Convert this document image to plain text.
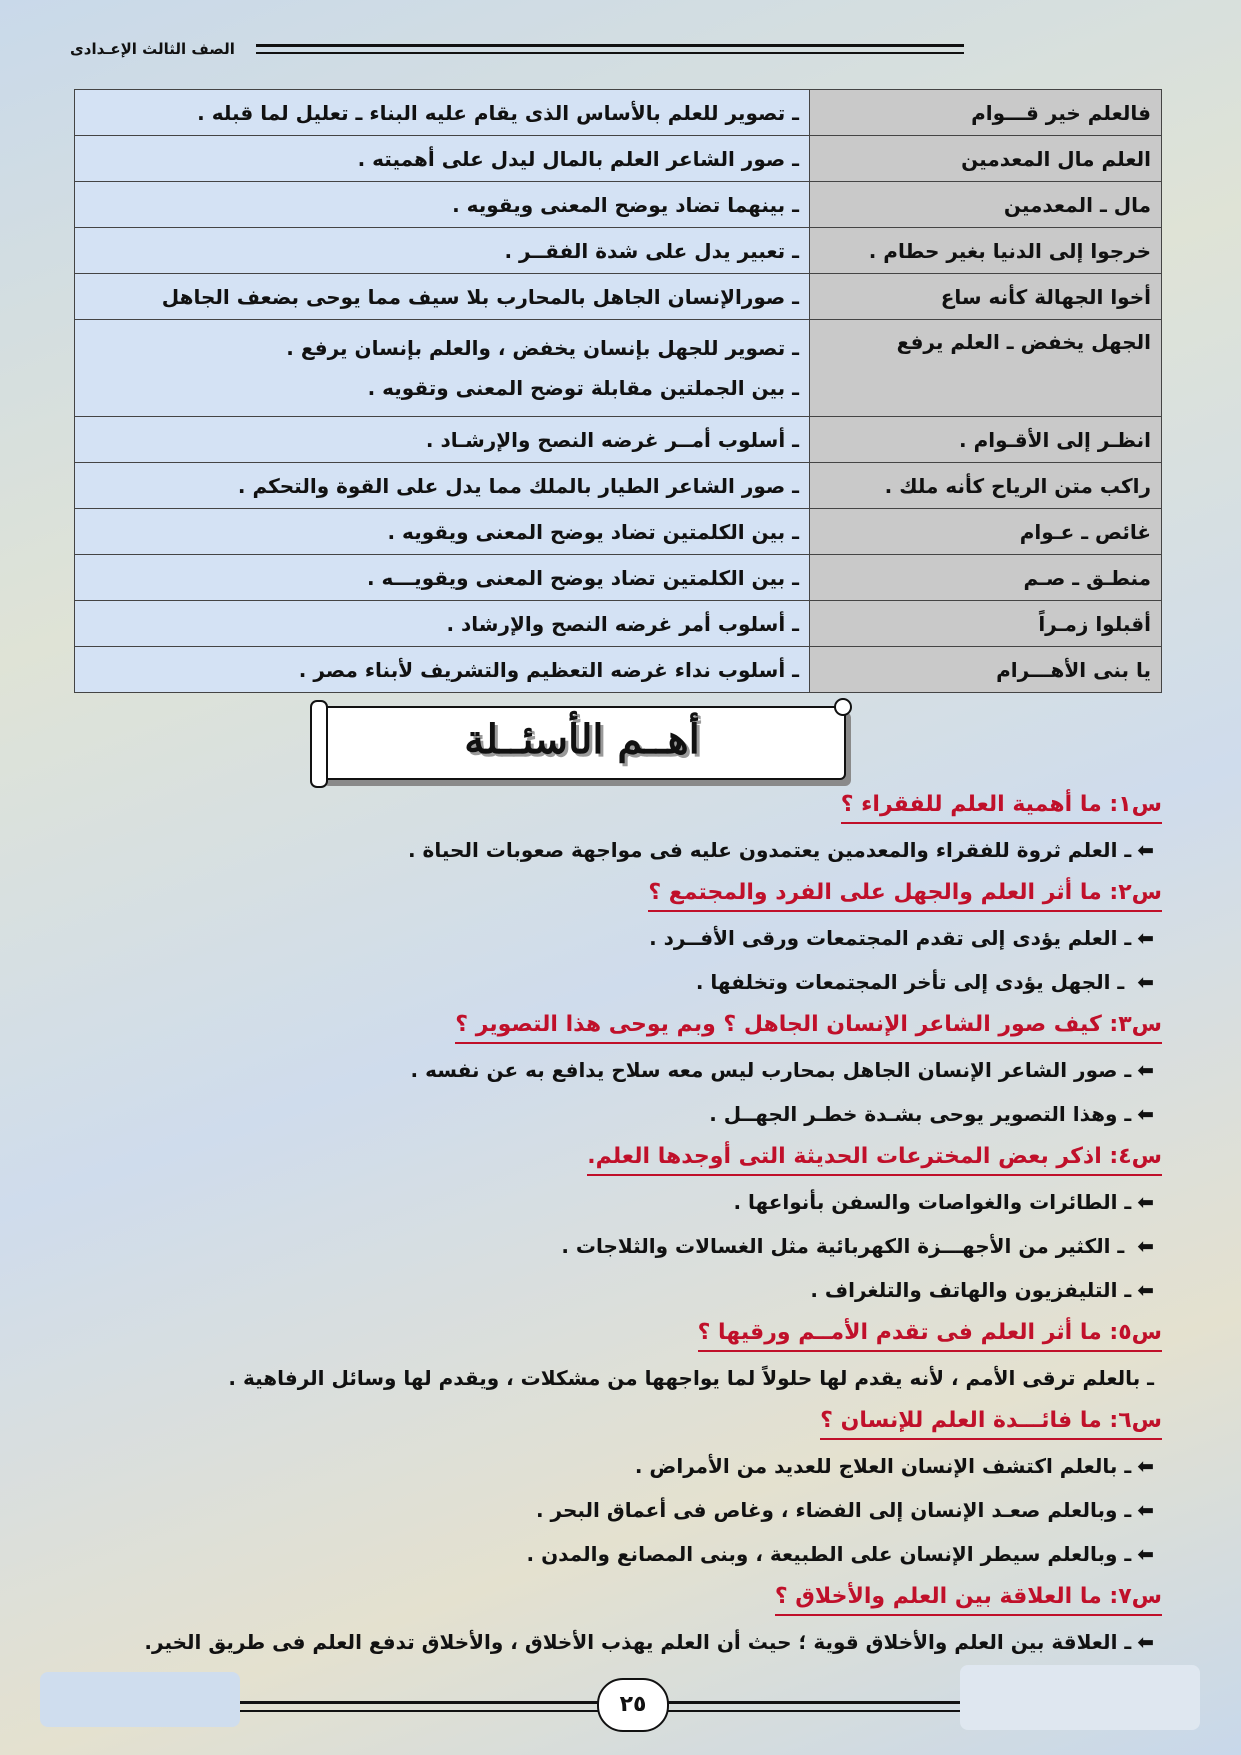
الصف الثالث الإعـدادى
فالعلم خير قـــوام	ـ تصوير للعلم بالأساس الذى يقام عليه البناء ـ تعليل لما قبله .

العلم مال المعدمين	ـ صور الشاعر العلم بالمال ليدل على أهميته .

مال ـ المعدمين	ـ بينهما تضاد يوضح المعنى ويقويه .

خرجوا إلى الدنيا بغير حطام .	ـ تعبير يدل على شدة الفقــر .

أخوا الجهالة كأنه ساع	ـ صورالإنسان الجاهل بالمحارب بلا سيف مما يوحى بضعف الجاهل

الجهل يخفض ـ العلم يرفع	ـ تصوير للجهل بإنسان يخفض ، والعلم بإنسان يرفع .
ـ بين الجملتين مقابلة توضح المعنى وتقويه .

انظـر إلى الأقـوام .	ـ أسلوب أمــر غرضه النصح والإرشـاد .

راكب متن الرياح كأنه ملك .	ـ صور الشاعر الطيار بالملك مما يدل على القوة والتحكم .

غائص ـ عـوام	ـ بين الكلمتين تضاد يوضح المعنى ويقويه .

منطـق ـ صـم	ـ بين الكلمتين تضاد يوضح المعنى ويقويـــه .

أقبلوا زمـراً	ـ أسلوب أمر غرضه النصح والإرشاد .

يا بنى الأهـــرام	ـ أسلوب نداء غرضه التعظيم والتشريف لأبناء مصر .
أهــم الأسئــلة
س١: ما أهمية العلم للفقراء ؟
⬅ـ العلم ثروة للفقراء والمعدمين يعتمدون عليه فى مواجهة صعوبات الحياة .
س٢: ما أثر العلم والجهل على الفرد والمجتمع ؟
⬅ـ العلم يؤدى إلى تقدم المجتمعات ورقى الأفــرد .
⬅ ـ الجهل يؤدى إلى تأخر المجتمعات وتخلفها .
س٣: كيف صور الشاعر الإنسان الجاهل ؟ وبم يوحى هذا التصوير ؟
⬅ـ صور الشاعر الإنسان الجاهل بمحارب ليس معه سلاح يدافع به عن نفسه .
⬅ـ وهذا التصوير يوحى بشـدة خطـر الجهــل .
س٤: اذكر بعض المخترعات الحديثة التى أوجدها العلم.
⬅ـ الطائرات والغواصات والسفن بأنواعها .
⬅ ـ الكثير من الأجهـــزة الكهربائية مثل الغسالات والثلاجات .
⬅ـ التليفزيون والهاتف والتلغراف .
س٥: ما أثر العلم فى تقدم الأمــم ورقيها ؟
ـ بالعلم ترقى الأمم ، لأنه يقدم لها حلولاً لما يواجهها من مشكلات ، ويقدم لها وسائل الرفاهية .
س٦: ما فائـــدة العلم للإنسان ؟
⬅ـ بالعلم اكتشف الإنسان العلاج للعديد من الأمراض .
⬅ـ وبالعلم صعـد الإنسان إلى الفضاء ، وغاص فى أعماق البحر .
⬅ـ وبالعلم سيطر الإنسان على الطبيعة ، وبنى المصانع والمدن .
س٧: ما العلاقة بين العلم والأخلاق ؟
⬅ـ العلاقة بين العلم والأخلاق قوية ؛ حيث أن العلم يهذب الأخلاق ، والأخلاق تدفع العلم فى طريق الخير.
٢٥
